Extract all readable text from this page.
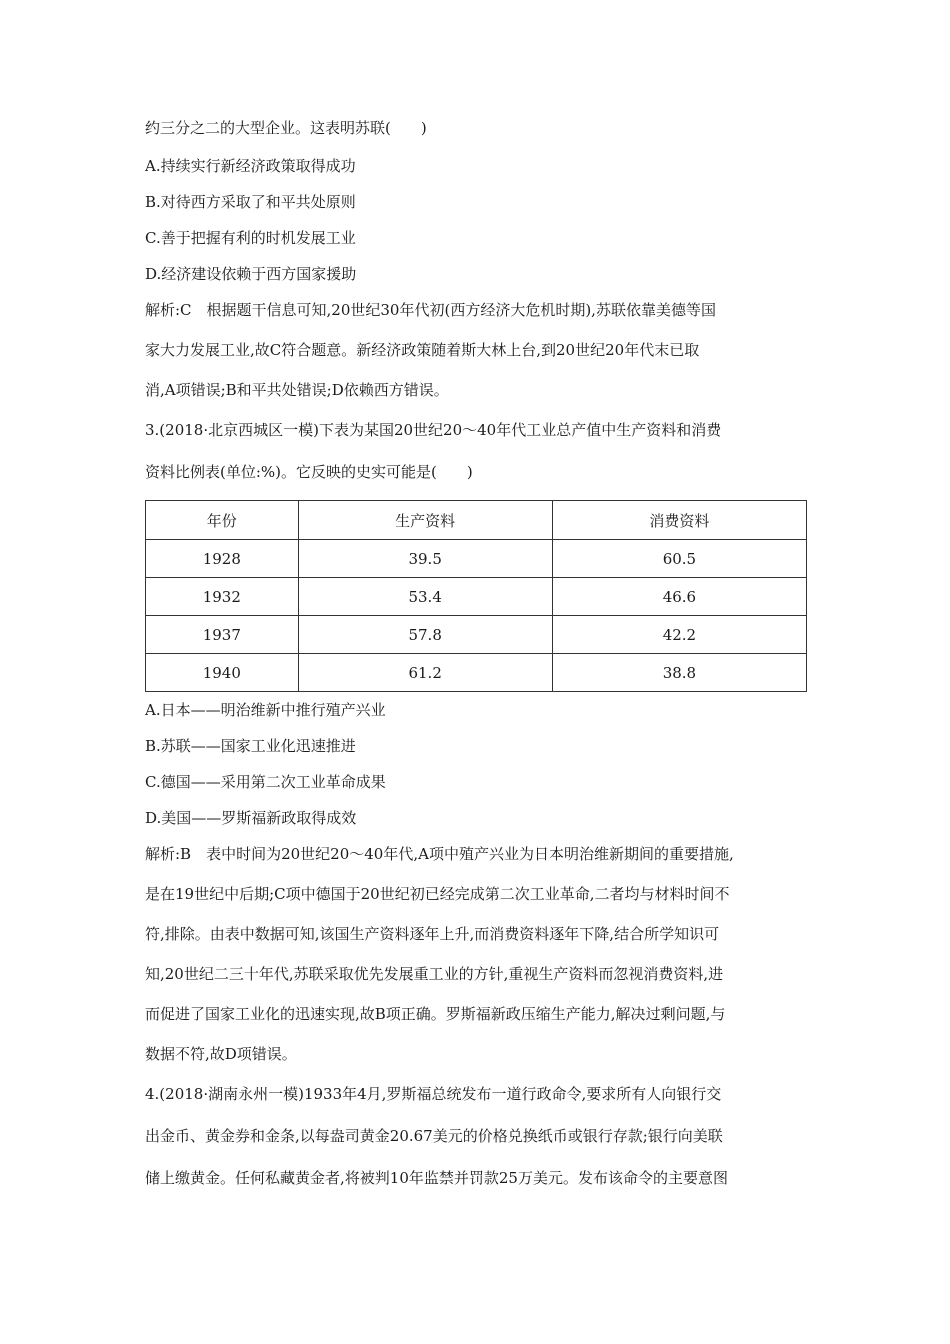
约三分之二的大型企业。这表明苏联(　　)
A.持续实行新经济政策取得成功
B.对待西方采取了和平共处原则
C.善于把握有利的时机发展工业
D.经济建设依赖于西方国家援助
解析:C　根据题干信息可知,20世纪30年代初(西方经济大危机时期),苏联依靠美德等国
家大力发展工业,故C符合题意。新经济政策随着斯大林上台,到20世纪20年代末已取
消,A项错误;B和平共处错误;D依赖西方错误。
3.(2018·北京西城区一模)下表为某国20世纪20～40年代工业总产值中生产资料和消费
资料比例表(单位:%)。它反映的史实可能是(　　)
年份	生产资料	消费资料
1928	39.5	60.5
1932	53.4	46.6
1937	57.8	42.2
1940	61.2	38.8
A.日本——明治维新中推行殖产兴业
B.苏联——国家工业化迅速推进
C.德国——采用第二次工业革命成果
D.美国——罗斯福新政取得成效
解析:B　表中时间为20世纪20～40年代,A项中殖产兴业为日本明治维新期间的重要措施,
是在19世纪中后期;C项中德国于20世纪初已经完成第二次工业革命,二者均与材料时间不
符,排除。由表中数据可知,该国生产资料逐年上升,而消费资料逐年下降,结合所学知识可
知,20世纪二三十年代,苏联采取优先发展重工业的方针,重视生产资料而忽视消费资料,进
而促进了国家工业化的迅速实现,故B项正确。罗斯福新政压缩生产能力,解决过剩问题,与
数据不符,故D项错误。
4.(2018·湖南永州一模)1933年4月,罗斯福总统发布一道行政命令,要求所有人向银行交
出金币、黄金券和金条,以每盎司黄金20.67美元的价格兑换纸币或银行存款;银行向美联
储上缴黄金。任何私藏黄金者,将被判10年监禁并罚款25万美元。发布该命令的主要意图
